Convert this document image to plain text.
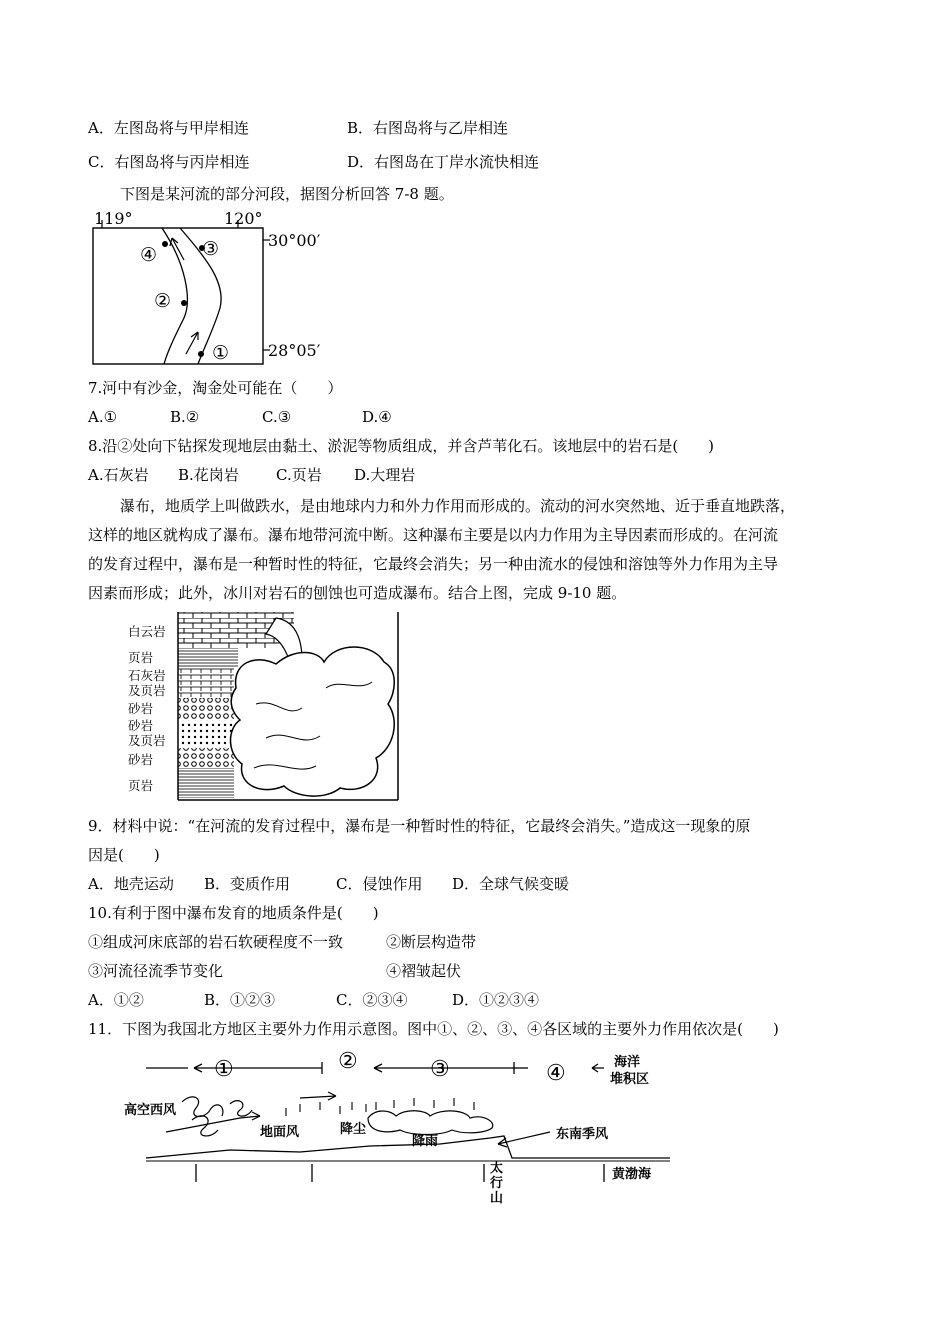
A．左图岛将与甲岸相连	B．右图岛将与乙岸相连
C．右图岛将与丙岸相连	D．右图岛在丁岸水流快相连
下图是某河流的部分河段，据图分析回答 7-8 题。
119°	120°
30°00′
28°05′
④ ③
②
①
7.河中有沙金，淘金处可能在（　　）
A.①	B.②	C.③	D.④
8.沿②处向下钻探发现地层由黏土、淤泥等物质组成，并含芦苇化石。该地层中的岩石是(　　)
A.石灰岩 B.花岗岩 C.页岩 D.大理岩
瀑布，地质学上叫做跌水，是由地球内力和外力作用而形成的。流动的河水突然地、近于垂直地跌落，
这样的地区就构成了瀑布。瀑布地带河流中断。这种瀑布主要是以内力作用为主导因素而形成的。在河流
的发育过程中，瀑布是一种暂时性的特征，它最终会消失；另一种由流水的侵蚀和溶蚀等外力作用为主导
因素而形成；此外，冰川对岩石的刨蚀也可造成瀑布。结合上图，完成 9-10 题。
白云岩
页岩
石灰岩
及页岩
砂岩
砂岩
及页岩
砂岩
页岩
9．材料中说：“在河流的发育过程中，瀑布是一种暂时性的特征，它最终会消失。”造成这一现象的原
因是(　　)
A．地壳运动 B．变质作用	C．侵蚀作用 D．全球气候变暖
10.有利于图中瀑布发育的地质条件是(　　)
①组成河床底部的岩石软硬程度不一致	②断层构造带
③河流径流季节变化	④褶皱起伏
A．①②	B．①②③	C．②③④	D．①②③④
11．下图为我国北方地区主要外力作用示意图。图中①、②、③、④各区域的主要外力作用依次是(　　)
①	②	③	④	海洋
堆积区
高空西风
地面风	降尘
降雨	东南季风
太
行
山
黄渤海
